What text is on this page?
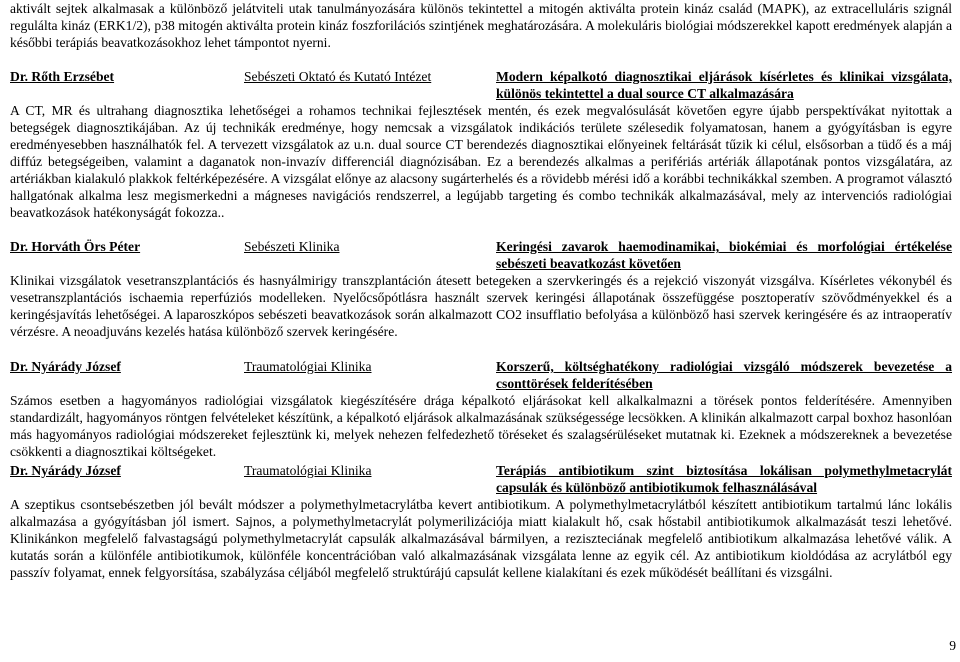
aktivált sejtek alkalmasak a különböző jelátviteli utak tanulmányozására különös tekintettel a mitogén aktiválta protein kináz család (MAPK), az extracelluláris szignál regulálta kináz (ERK1/2), p38 mitogén aktiválta protein kináz foszforilációs szintjének meghatározására. A molekuláris biológiai módszerekkel kapott eredmények alapján a későbbi terápiás beavatkozásokhoz lehet támpontot nyerni.

Dr. Rőth Erzsébet	Sebészeti Oktató és Kutató Intézet	Modern képalkotó diagnosztikai eljárások kísérletes és klinikai vizsgálata, különös tekintettel a dual source CT alkalmazására

A CT, MR és ultrahang diagnosztika lehetőségei a rohamos technikai fejlesztések mentén, és ezek megvalósulását követően egyre újabb perspektívákat nyitottak a betegségek diagnosztikájában. Az új technikák eredménye, hogy nemcsak a vizsgálatok indikációs területe szélesedik folyamatosan, hanem a gyógyításban is egyre eredményesebben használhatók fel. A tervezett vizsgálatok az u.n. dual source CT berendezés diagnosztikai előnyeinek feltárását tűzik ki célul, elsősorban a tüdő és a máj diffúz betegségeiben, valamint a daganatok non-invazív differenciál diagnózisában. Ez a berendezés alkalmas a perifériás artériák állapotának pontos vizsgálatára, az artériákban kialakuló plakkok feltérképezésére. A vizsgálat előnye az alacsony sugárterhelés és a rövidebb mérési idő a korábbi technikákkal szemben. A programot választó hallgatónak alkalma lesz megismerkedni a mágneses navigációs rendszerrel, a legújabb targeting és combo technikák alkalmazásával, mely az intervenciós radiológiai beavatkozások hatékonyságát fokozza..

Dr. Horváth Örs Péter	Sebészeti Klinika	Keringési zavarok haemodinamikai, biokémiai és morfológiai értékelése sebészeti beavatkozást követően

Klinikai vizsgálatok vesetranszplantációs és hasnyálmirigy transzplantáción átesett betegeken a szervkeringés és a rejekció viszonyát vizsgálva. Kísérletes vékonybél és vesetranszplantációs ischaemia reperfúziós modelleken. Nyelőcsőpótlásra használt szervek keringési állapotának összefüggése posztoperatív szövődményekkel és a keringésjavítás lehetőségei. A laparoszkópos sebészeti beavatkozások során alkalmazott CO2 insufflatio befolyása a különböző hasi szervek keringésére és az intraoperatív vérzésre. A neoadjuváns kezelés hatása különböző szervek keringésére.

Dr. Nyárády József	Traumatológiai Klinika	Korszerű, költséghatékony radiológiai vizsgáló módszerek bevezetése a csonttörések felderítésében

Számos esetben a hagyományos radiológiai vizsgálatok kiegészítésére drága képalkotó eljárásokat kell alkalkalmazni a törések pontos felderítésére. Amennyiben standardizált, hagyományos röntgen felvételeket készítünk, a képalkotó eljárások alkalmazásának szükségessége lecsökken. A klinikán alkalmazott carpal boxhoz hasonlóan más hagyományos radiológiai módszereket fejlesztünk ki, melyek nehezen felfedezhető töréseket és szalagsérüléseket mutatnak ki. Ezeknek a módszereknek a bevezetése csökkenti a diagnosztikai költségeket.

Dr. Nyárády József	Traumatológiai Klinika	Terápiás antibiotikum szint biztosítása lokálisan polymethylmetacrylát capsulák és különböző antibiotikumok felhasználásával

A szeptikus csontsebészetben jól bevált módszer a polymethylmetacrylátba kevert antibiotikum. A polymethylmetacrylátból készített antibiotikum tartalmú lánc lokális alkalmazása a gyógyításban jól ismert. Sajnos, a polymethylmetacrylát polymerilizációja miatt kialakult hő, csak hőstabil antibiotikumok alkalmazását teszi lehetővé. Klinikánkon megfelelő falvastagságú polymethylmetacrylát capsulák alkalmazásával bármilyen, a reziszteciának megfelelő antibiotikum alkalmazása lehetővé válik. A kutatás során a különféle antibiotikumok, különféle koncentrációban való alkalmazásának vizsgálata lenne az egyik cél. Az antibiotikum kioldódása az acrylátból egy passzív folyamat, ennek felgyorsítása, szabályzása céljából megfelelő struktúrájú capsulát kellene kialakítani és ezek működését beállítani és vizsgálni.

9
